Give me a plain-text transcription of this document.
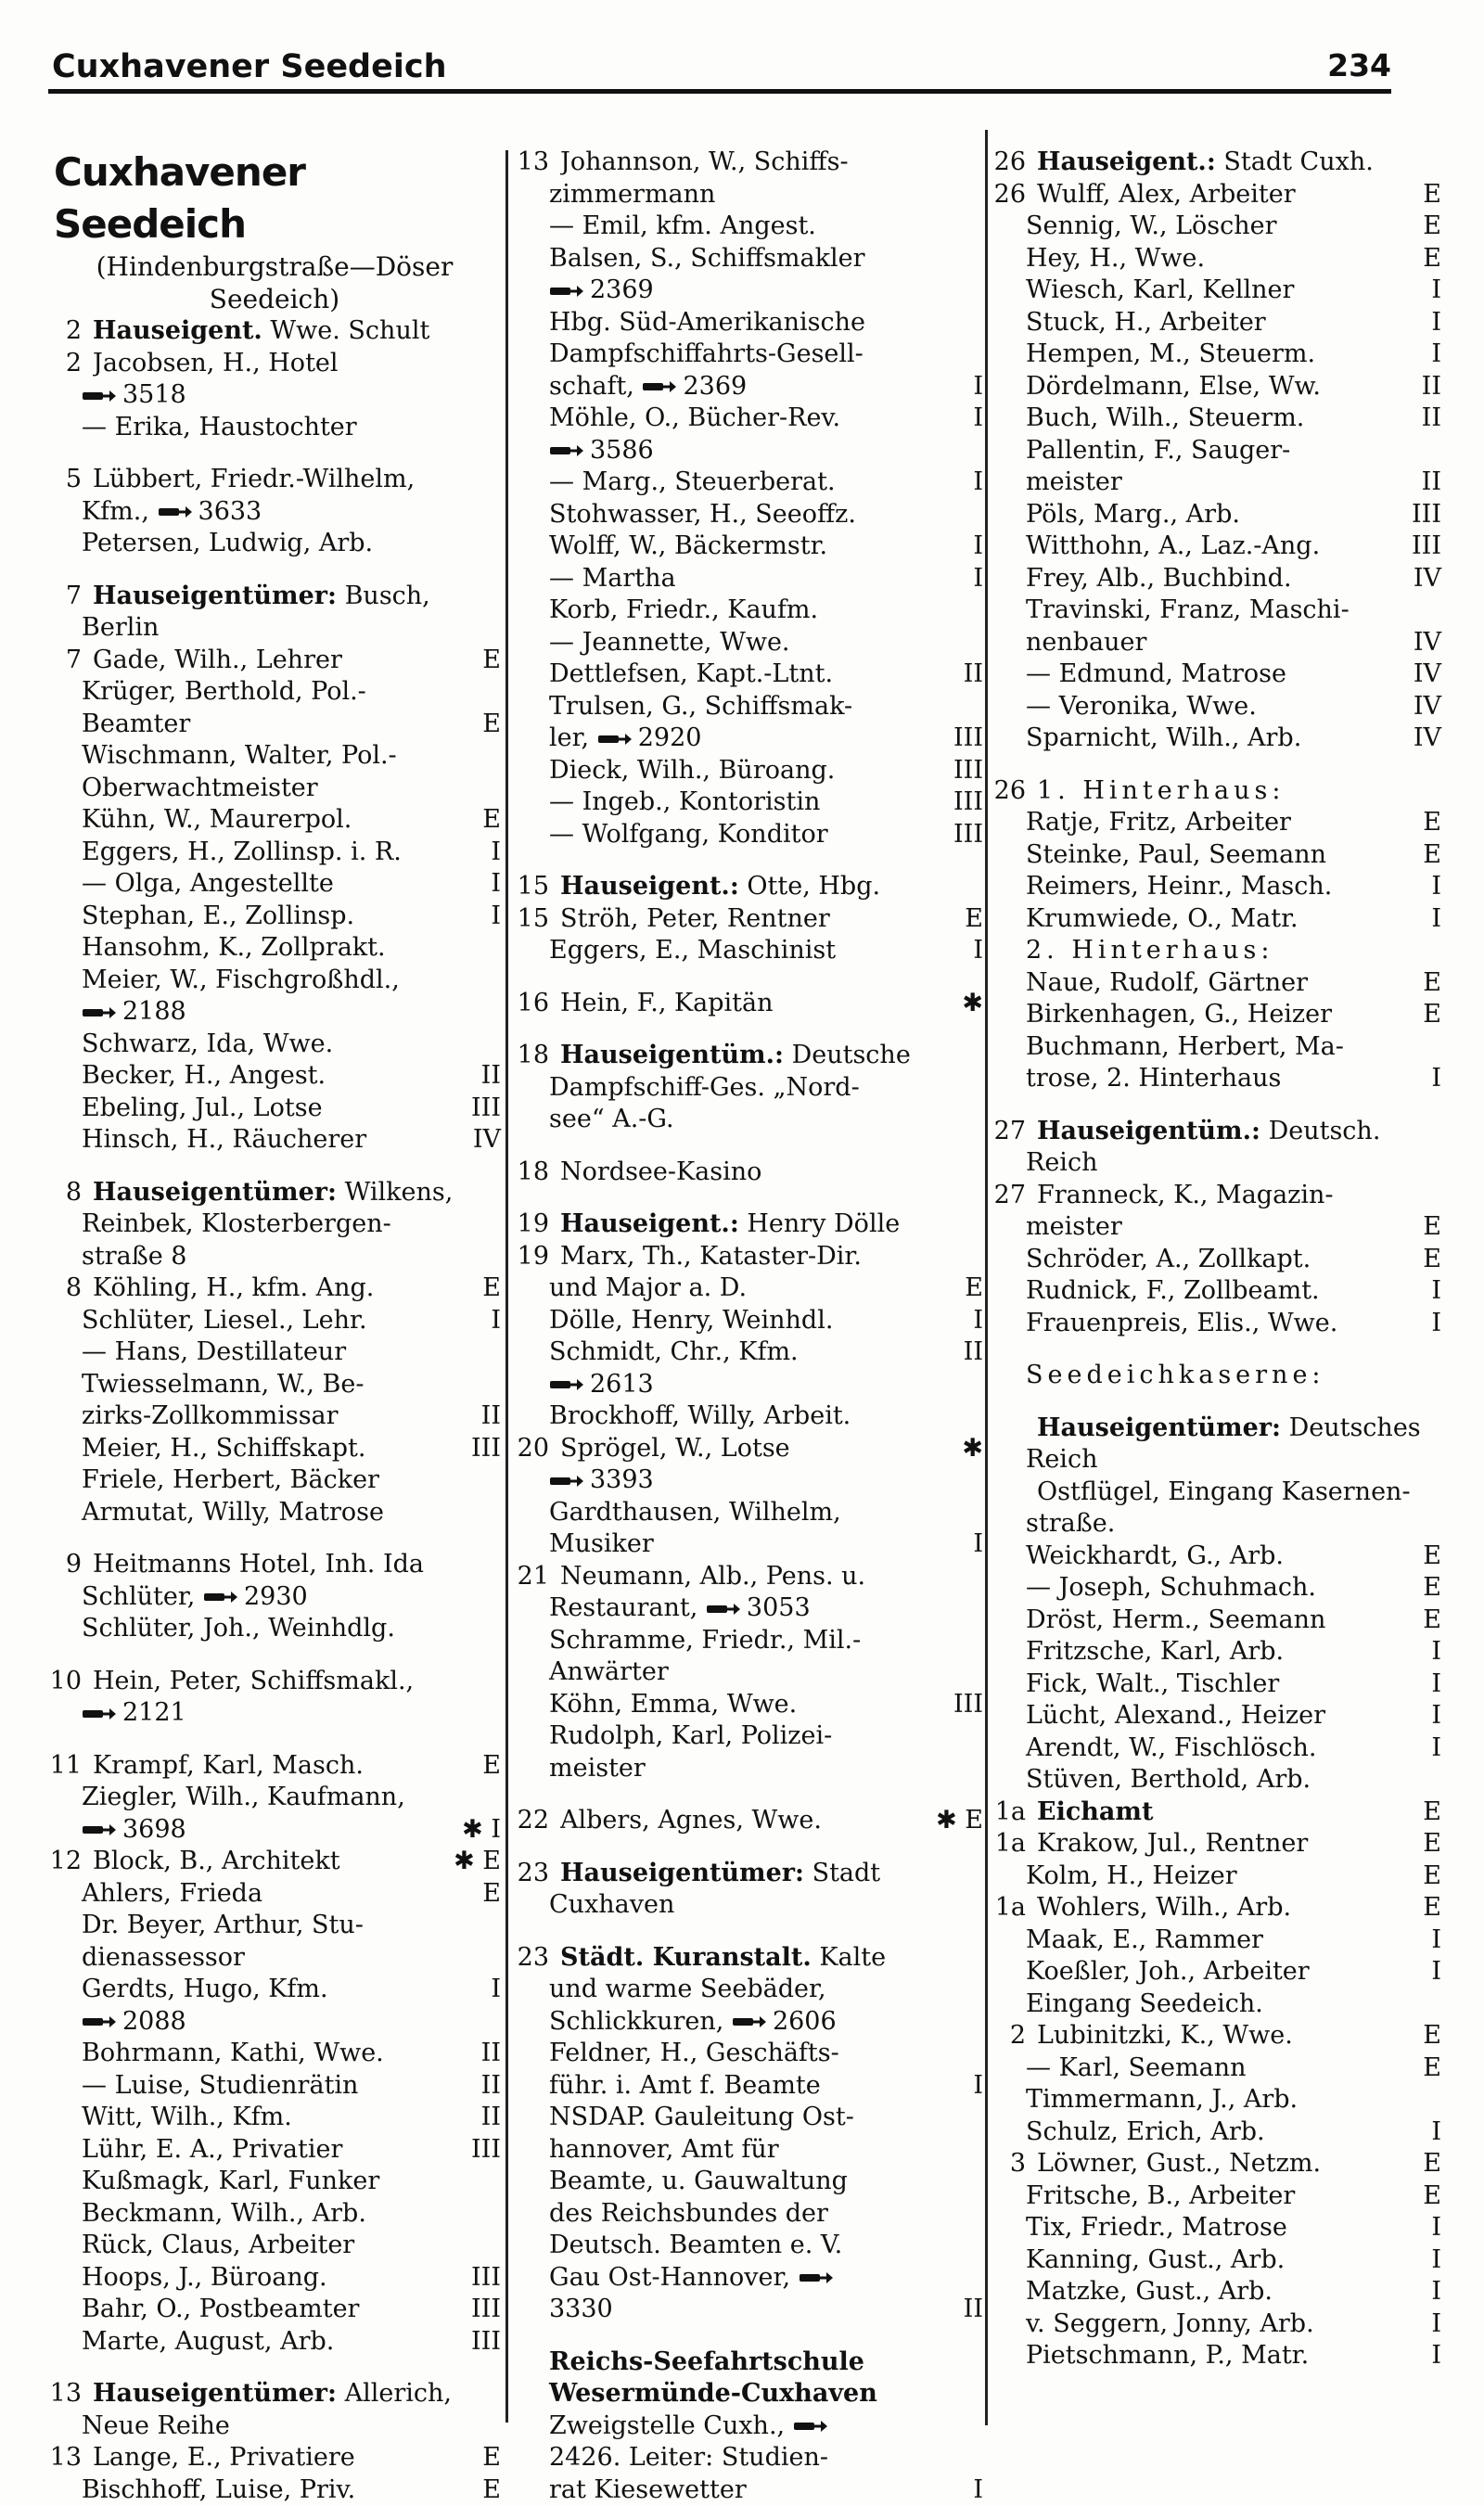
Cuxhavener Seedeich	234
Cuxhavener Seedeich
(Hindenburgstraße—Döser
Seedeich)
2 Hauseigent. Wwe. Schult
2 Jacobsen, H., Hotel
3518
— Erika, Haustochter
5 Lübbert, Friedr.-Wilhelm,
Kfm., 3633
Petersen, Ludwig, Arb.
7 Hauseigentümer: Busch,
Berlin
7 Gade, Wilh., Lehrer	E
Krüger, Berthold, Pol.-
Beamter	E
Wischmann, Walter, Pol.-
Oberwachtmeister
Kühn, W., Maurerpol.	E
Eggers, H., Zollinsp. i. R.	I
— Olga, Angestellte	I
Stephan, E., Zollinsp.	I
Hansohm, K., Zollprakt.
Meier, W., Fischgroßhdl.,
2188
Schwarz, Ida, Wwe.
Becker, H., Angest.	II
Ebeling, Jul., Lotse	III
Hinsch, H., Räucherer	IV
8 Hauseigentümer: Wilkens,
Reinbek, Klosterbergen-
straße 8
8 Köhling, H., kfm. Ang.	E
Schlüter, Liesel., Lehr.	I
— Hans, Destillateur
Twiesselmann, W., Be-
zirks-Zollkommissar	II
Meier, H., Schiffskapt.	III
Friele, Herbert, Bäcker
Armutat, Willy, Matrose
9 Heitmanns Hotel, Inh. Ida
Schlüter, 2930
Schlüter, Joh., Weinhdlg.
10 Hein, Peter, Schiffsmakl.,
2121
11 Krampf, Karl, Masch.	E
Ziegler, Wilh., Kaufmann,
3698	✱ I
12 Block, B., Architekt	✱ E
Ahlers, Frieda	E
Dr. Beyer, Arthur, Stu-
dienassessor
Gerdts, Hugo, Kfm.	I
2088
Bohrmann, Kathi, Wwe.	II
— Luise, Studienrätin	II
Witt, Wilh., Kfm.	II
Lühr, E. A., Privatier	III
Kußmagk, Karl, Funker
Beckmann, Wilh., Arb.
Rück, Claus, Arbeiter
Hoops, J., Büroang.	III
Bahr, O., Postbeamter	III
Marte, August, Arb.	III
13 Hauseigentümer: Allerich,
Neue Reihe
13 Lange, E., Privatiere	E
Bischhoff, Luise, Priv.	E
13 Johannson, W., Schiffs-
zimmermann
— Emil, kfm. Angest.
Balsen, S., Schiffsmakler
2369
Hbg. Süd-Amerikanische
Dampfschiffahrts-Gesell-
schaft, 2369	I
Möhle, O., Bücher-Rev.	I
3586
— Marg., Steuerberat.	I
Stohwasser, H., Seeoffz.
Wolff, W., Bäckermstr.	I
— Martha	I
Korb, Friedr., Kaufm.
— Jeannette, Wwe.
Dettlefsen, Kapt.-Ltnt.	II
Trulsen, G., Schiffsmak-
ler, 2920	III
Dieck, Wilh., Büroang.	III
— Ingeb., Kontoristin	III
— Wolfgang, Konditor	III
15 Hauseigent.: Otte, Hbg.
15 Ströh, Peter, Rentner	E
Eggers, E., Maschinist	I
16 Hein, F., Kapitän	✱
18 Hauseigentüm.: Deutsche
Dampfschiff-Ges. „Nord-
see“ A.-G.
18 Nordsee-Kasino
19 Hauseigent.: Henry Dölle
19 Marx, Th., Kataster-Dir.
und Major a. D.	E
Dölle, Henry, Weinhdl.	I
Schmidt, Chr., Kfm.	II
2613
Brockhoff, Willy, Arbeit.
20 Sprögel, W., Lotse	✱
3393
Gardthausen, Wilhelm,
Musiker	I
21 Neumann, Alb., Pens. u.
Restaurant, 3053
Schramme, Friedr., Mil.-
Anwärter
Köhn, Emma, Wwe.	III
Rudolph, Karl, Polizei-
meister
22 Albers, Agnes, Wwe.	✱ E
23 Hauseigentümer: Stadt
Cuxhaven
23 Städt. Kuranstalt. Kalte
und warme Seebäder,
Schlickkuren, 2606
Feldner, H., Geschäfts-
führ. i. Amt f. Beamte	I
NSDAP. Gauleitung Ost-
hannover, Amt für
Beamte, u. Gauwaltung
des Reichsbundes der
Deutsch. Beamten e. V.
Gau Ost-Hannover,
3330	II
Reichs-Seefahrtschule
Wesermünde-Cuxhaven
Zweigstelle Cuxh.,
2426. Leiter: Studien-
rat Kiesewetter	I
26 Hauseigent.: Stadt Cuxh.
26 Wulff, Alex, Arbeiter	E
Sennig, W., Löscher	E
Hey, H., Wwe.	E
Wiesch, Karl, Kellner	I
Stuck, H., Arbeiter	I
Hempen, M., Steuerm.	I
Dördelmann, Else, Ww.	II
Buch, Wilh., Steuerm.	II
Pallentin, F., Sauger-
meister	II
Pöls, Marg., Arb.	III
Witthohn, A., Laz.-Ang.	III
Frey, Alb., Buchbind.	IV
Travinski, Franz, Maschi-
nenbauer	IV
— Edmund, Matrose	IV
— Veronika, Wwe.	IV
Sparnicht, Wilh., Arb.	IV
26 1. Hinterhaus:
Ratje, Fritz, Arbeiter	E
Steinke, Paul, Seemann	E
Reimers, Heinr., Masch.	I
Krumwiede, O., Matr.	I
2. Hinterhaus:
Naue, Rudolf, Gärtner	E
Birkenhagen, G., Heizer	E
Buchmann, Herbert, Ma-
trose, 2. Hinterhaus	I
27 Hauseigentüm.: Deutsch.
Reich
27 Franneck, K., Magazin-
meister	E
Schröder, A., Zollkapt.	E
Rudnick, F., Zollbeamt.	I
Frauenpreis, Elis., Wwe.	I
Seedeichkaserne:
Hauseigentümer: Deutsches
Reich
Ostflügel, Eingang Kasernen-
straße.
Weickhardt, G., Arb.	E
— Joseph, Schuhmach.	E
Dröst, Herm., Seemann	E
Fritzsche, Karl, Arb.	I
Fick, Walt., Tischler	I
Lücht, Alexand., Heizer	I
Arendt, W., Fischlösch.	I
Stüven, Berthold, Arb.
1a Eichamt	E
1a Krakow, Jul., Rentner	E
Kolm, H., Heizer	E
1a Wohlers, Wilh., Arb.	E
Maak, E., Rammer	I
Koeßler, Joh., Arbeiter	I
Eingang Seedeich.
2 Lubinitzki, K., Wwe.	E
— Karl, Seemann	E
Timmermann, J., Arb.
Schulz, Erich, Arb.	I
3 Löwner, Gust., Netzm.	E
Fritsche, B., Arbeiter	E
Tix, Friedr., Matrose	I
Kanning, Gust., Arb.	I
Matzke, Gust., Arb.	I
v. Seggern, Jonny, Arb.	I
Pietschmann, P., Matr.	I
